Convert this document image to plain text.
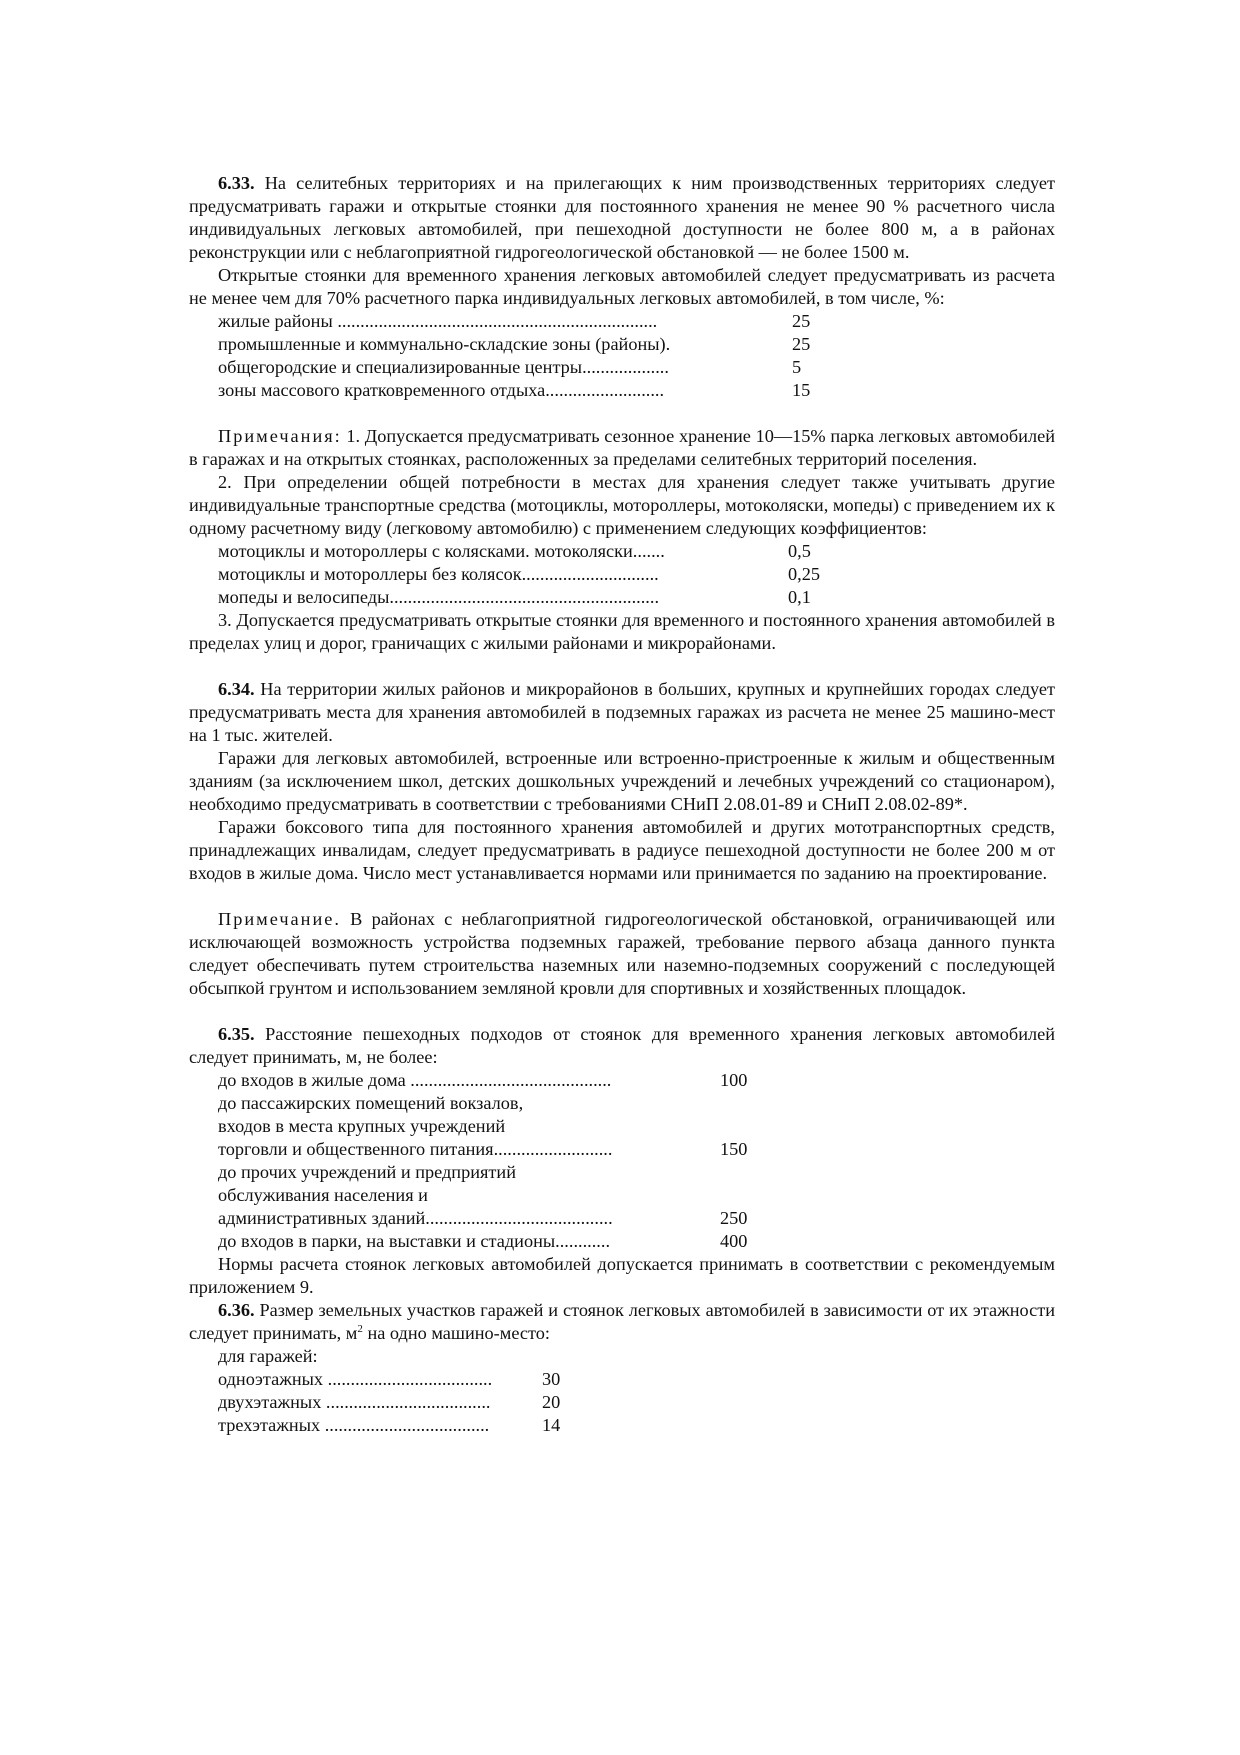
6.33. На селитебных территориях и на прилегающих к ним производственных территориях следует предусматривать гаражи и открытые стоянки для постоянного хранения не менее 90 % расчетного числа индивидуальных легковых автомобилей, при пешеходной доступности не более 800 м, а в районах реконструкции или с неблагоприятной гидрогеологической обстановкой — не более 1500 м.

Открытые стоянки для временного хранения легковых автомобилей следует предусматривать из расчета не менее чем для 70% расчетного парка индивидуальных легковых автомобилей, в том числе, %:

жилые районы ......................................................................	25
промышленные и коммунально-складские зоны (районы).	25
общегородские и специализированные центры...................	5
зоны массового кратковременного отдыха..........................	15

Примечания: 1. Допускается предусматривать сезонное хранение 10—15% парка легковых автомобилей в гаражах и на открытых стоянках, расположенных за пределами селитебных территорий поселения.

2. При определении общей потребности в местах для хранения следует также учитывать другие индивидуальные транспортные средства (мотоциклы, мотороллеры, мотоколяски, мопеды) с приведением их к одному расчетному виду (легковому автомобилю) с применением следующих коэффициентов:

мотоциклы и мотороллеры с колясками. мотоколяски.......	0,5
мотоциклы и мотороллеры без колясок..............................	0,25
мопеды и велосипеды...........................................................	0,1

3. Допускается предусматривать открытые стоянки для временного и постоянного хранения автомобилей в пределах улиц и дорог, граничащих с жилыми районами и микрорайонами.

6.34. На территории жилых районов и микрорайонов в больших, крупных и крупнейших городах следует предусматривать места для хранения автомобилей в подземных гаражах из расчета не менее 25 машино-мест на 1 тыс. жителей.

Гаражи для легковых автомобилей, встроенные или встроенно-пристроенные к жилым и общественным зданиям (за исключением школ, детских дошкольных учреждений и лечебных учреждений со стационаром), необходимо предусматривать в соответствии с требованиями СНиП 2.08.01-89 и СНиП 2.08.02-89*.

Гаражи боксового типа для постоянного хранения автомобилей и других мототранспортных средств, принадлежащих инвалидам, следует предусматривать в радиусе пешеходной доступности не более 200 м от входов в жилые дома. Число мест устанавливается нормами или принимается по заданию на проектирование.

Примечание. В районах с неблагоприятной гидрогеологической обстановкой, ограничивающей или исключающей возможность устройства подземных гаражей, требование первого абзаца данного пункта следует обеспечивать путем строительства наземных или наземно-подземных сооружений с последующей обсыпкой грунтом и использованием земляной кровли для спортивных и хозяйственных площадок.

6.35. Расстояние пешеходных подходов от стоянок для временного хранения легковых автомобилей следует принимать, м, не более:

до входов в жилые дома ............................................	100
до пассажирских помещений вокзалов,
входов в места крупных учреждений
торговли и общественного питания..........................	150
до прочих учреждений и предприятий
обслуживания населения и
административных зданий.........................................	250
до входов в парки, на выставки и стадионы............	400

Нормы расчета стоянок легковых автомобилей допускается принимать в соответствии с рекомендуемым приложением 9.

6.36. Размер земельных участков гаражей и стоянок легковых автомобилей в зависимости от их этажности следует принимать, $м^2$ на одно машино-место:

для гаражей:
одноэтажных ....................................	30
двухэтажных ....................................	20
трехэтажных ....................................	14
